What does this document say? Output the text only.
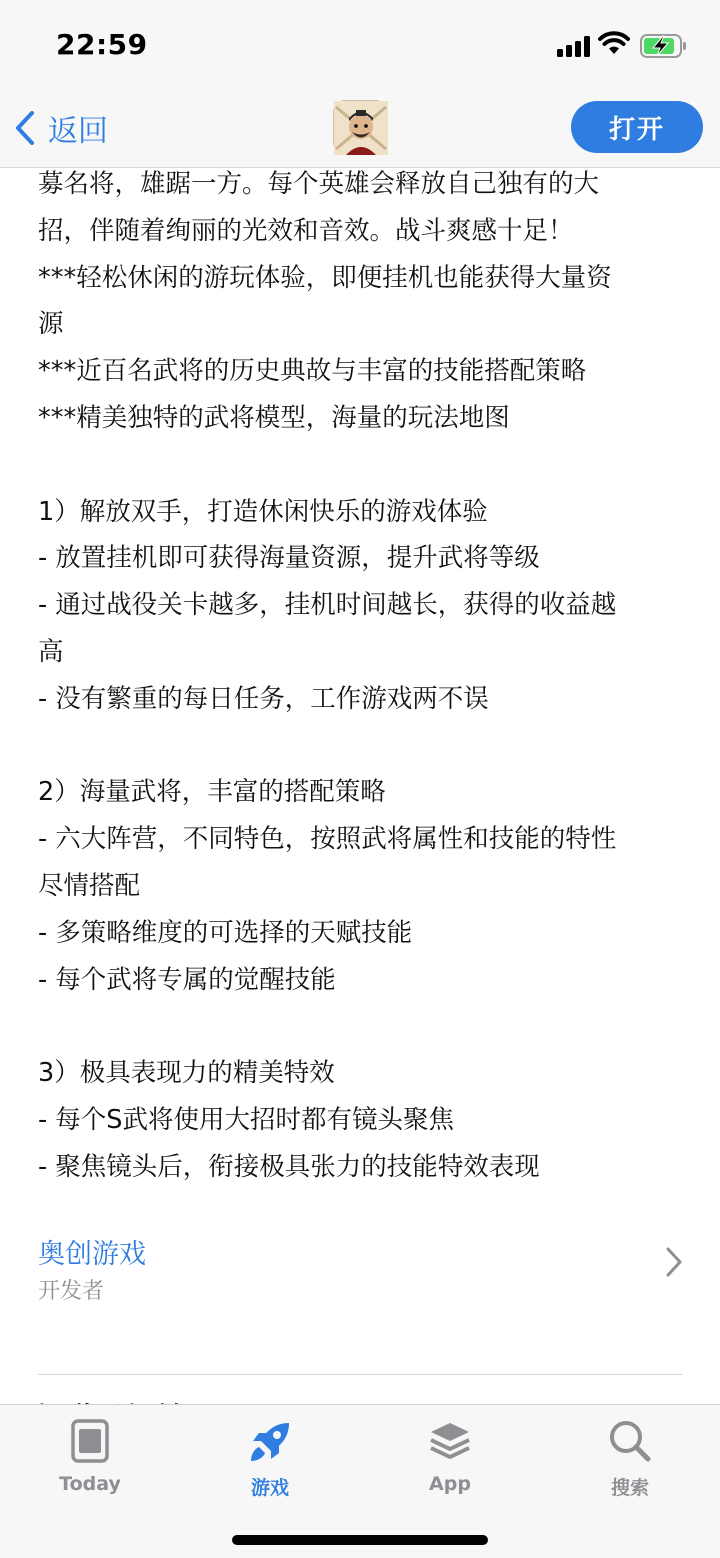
22:59
返回	打开

募名将，雄踞一方。每个英雄会释放自己独有的大

招，伴随着绚丽的光效和音效。战斗爽感十足！

***轻松休闲的游玩体验，即便挂机也能获得大量资

源

***近百名武将的历史典故与丰富的技能搭配策略

***精美独特的武将模型，海量的玩法地图

1）解放双手，打造休闲快乐的游戏体验

- 放置挂机即可获得海量资源，提升武将等级

- 通过战役关卡越多，挂机时间越长，获得的收益越

高

- 没有繁重的每日任务，工作游戏两不误

2）海量武将，丰富的搭配策略

- 六大阵营，不同特色，按照武将属性和技能的特性

尽情搭配

- 多策略维度的可选择的天赋技能

- 每个武将专属的觉醒技能

3）极具表现力的精美特效

- 每个S武将使用大招时都有镜头聚焦

- 聚焦镜头后，衔接极具张力的技能特效表现

奥创游戏
开发者
Today	游戏	App	搜索
